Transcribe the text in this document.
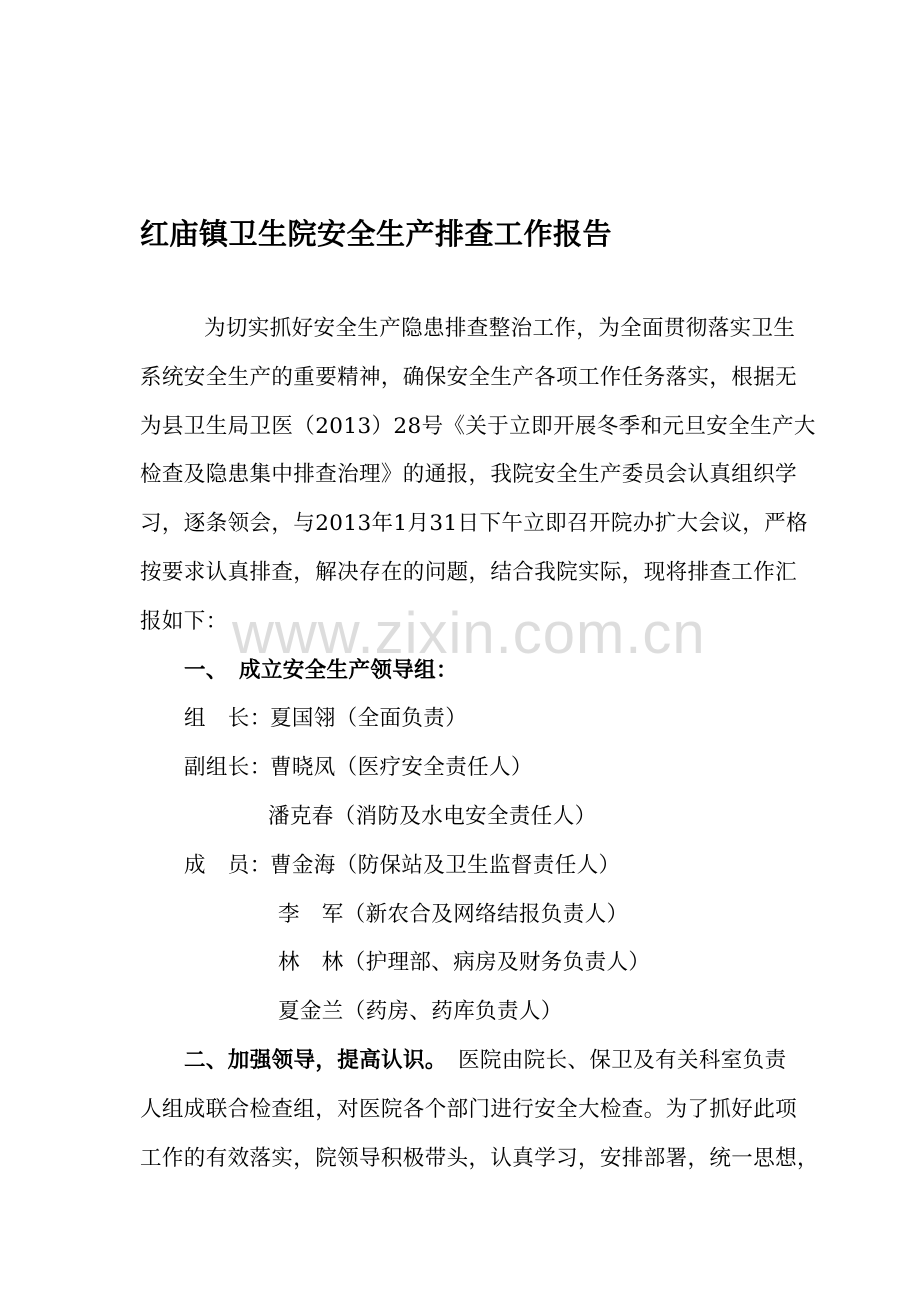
红庙镇卫生院安全生产排查工作报告
www.zixin.com.cn
为切实抓好安全生产隐患排查整治工作，为全面贯彻落实卫生
系统安全生产的重要精神，确保安全生产各项工作任务落实，根据无
为县卫生局卫医（2013）28号《关于立即开展冬季和元旦安全生产大
检查及隐患集中排查治理》的通报，我院安全生产委员会认真组织学
习，逐条领会，与2013年1月31日下午立即召开院办扩大会议，严格
按要求认真排查，解决存在的问题，结合我院实际，现将排查工作汇
报如下：
一、　成立安全生产领导组：
组　长：夏国翎（全面负责）
副组长：曹晓凤（医疗安全责任人）
潘克春（消防及水电安全责任人）
成　员：曹金海（防保站及卫生监督责任人）
李　军（新农合及网络结报负责人）
林　林（护理部、病房及财务负责人）
夏金兰（药房、药库负责人）
二、加强领导，提高认识。　医院由院长、保卫及有关科室负责
人组成联合检查组，对医院各个部门进行安全大检查。为了抓好此项
工作的有效落实，院领导积极带头，认真学习，安排部署，统一思想，
